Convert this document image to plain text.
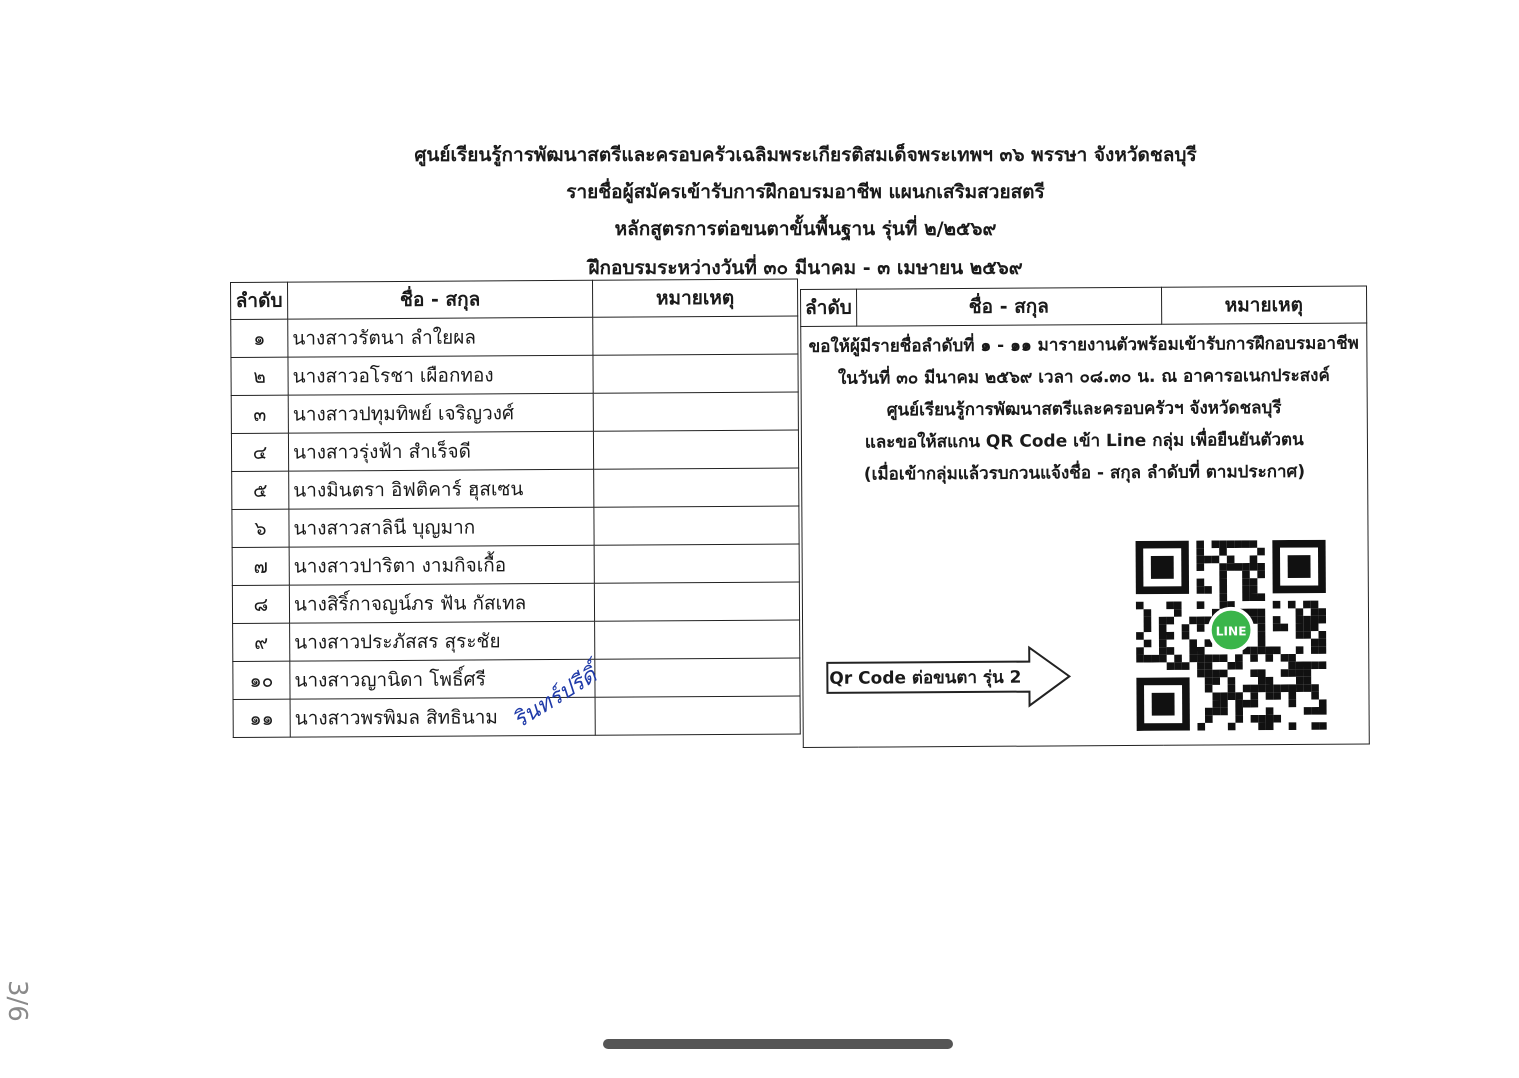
ศูนย์เรียนรู้การพัฒนาสตรีและครอบครัวเฉลิมพระเกียรติสมเด็จพระเทพฯ ๓๖ พรรษา จังหวัดชลบุรี
รายชื่อผู้สมัครเข้ารับการฝึกอบรมอาชีพ แผนกเสริมสวยสตรี
หลักสูตรการต่อขนตาขั้นพื้นฐาน รุ่นที่ ๒/๒๕๖๙
ฝึกอบรมระหว่างวันที่ ๓๐ มีนาคม - ๓ เมษายน ๒๕๖๙
ลำดับ	ชื่อ - สกุล	หมายเหตุ
๑	นางสาวรัตนา ลำใยผล	
๒	นางสาวอโรชา เผือกทอง	
๓	นางสาวปทุมทิพย์ เจริญวงศ์	
๔	นางสาวรุ่งฟ้า สำเร็จดี	
๕	นางมินตรา อิฟติคาร์ ฮุสเซน	
๖	นางสาวสาลินี บุญมาก	
๗	นางสาวปาริตา งามกิจเกื้อ	
๘	นางสิริ์กาจญน์ภร ฟัน กัสเทล	
๙	นางสาวประภัสสร สุระชัย	
๑๐	นางสาวญานิดา โพธิ์ศรี	
๑๑	นางสาวพรพิมล สิทธินาม	รินทร์ปรีดิ์
ลำดับ	ชื่อ - สกุล	หมายเหตุ

ขอให้ผู้มีรายชื่อลำดับที่ ๑ - ๑๑ มารายงานตัวพร้อมเข้ารับการฝึกอบรมอาชีพ
ในวันที่ ๓๐ มีนาคม ๒๕๖๙ เวลา ๐๘.๓๐ น. ณ อาคารอเนกประสงค์
ศูนย์เรียนรู้การพัฒนาสตรีและครอบครัวฯ จังหวัดชลบุรี
และขอให้สแกน QR Code เข้า Line กลุ่ม เพื่อยืนยันตัวตน
(เมื่อเข้ากลุ่มแล้วรบกวนแจ้งชื่อ - สกุล ลำดับที่ ตามประกาศ)
Qr Code ต่อขนตา รุ่น 2
LINE
3/6
